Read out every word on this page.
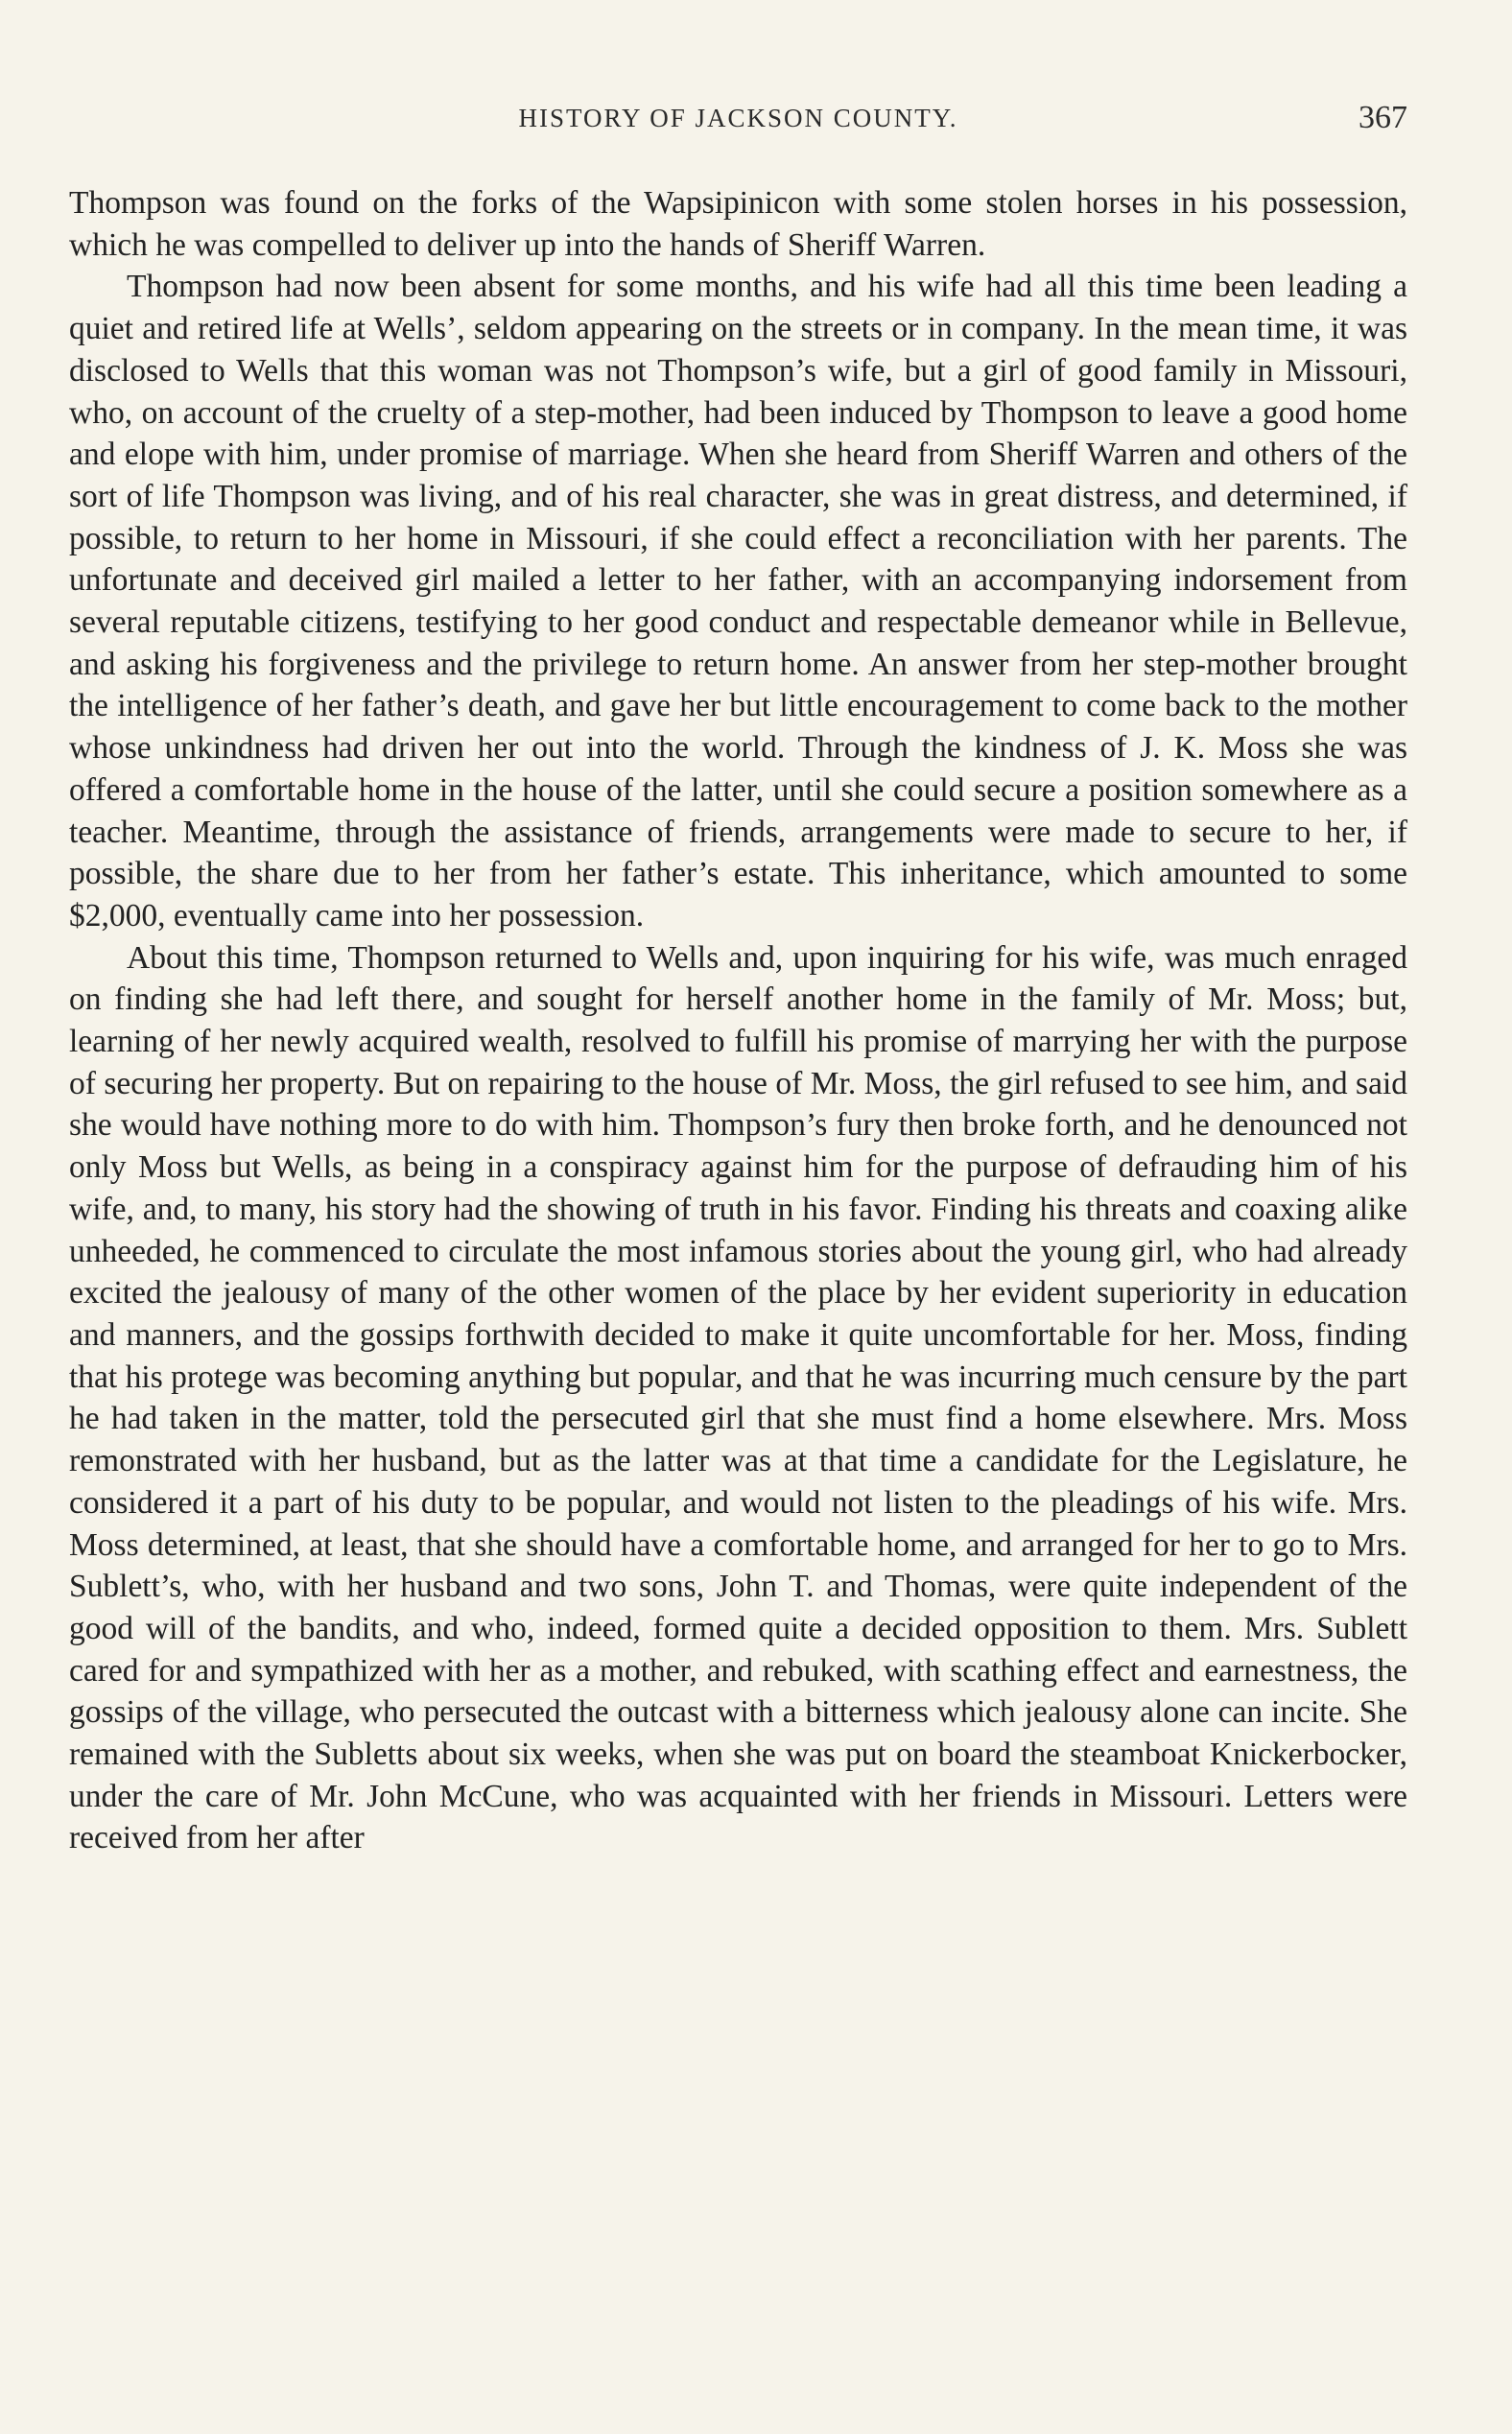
HISTORY OF JACKSON COUNTY.	367

Thompson was found on the forks of the Wapsipinicon with some stolen horses in his possession, which he was compelled to deliver up into the hands of Sheriff Warren.

Thompson had now been absent for some months, and his wife had all this time been leading a quiet and retired life at Wells’, seldom appearing on the streets or in company. In the mean time, it was disclosed to Wells that this woman was not Thompson’s wife, but a girl of good family in Missouri, who, on account of the cruelty of a step-mother, had been induced by Thompson to leave a good home and elope with him, under promise of marriage. When she heard from Sheriff Warren and others of the sort of life Thompson was living, and of his real character, she was in great distress, and determined, if possible, to return to her home in Missouri, if she could effect a reconciliation with her parents. The unfortunate and deceived girl mailed a letter to her father, with an accompanying indorsement from several reputable citizens, testifying to her good conduct and respectable demeanor while in Bellevue, and asking his forgiveness and the privilege to return home. An answer from her step-mother brought the intelligence of her father’s death, and gave her but little encouragement to come back to the mother whose unkindness had driven her out into the world. Through the kindness of J. K. Moss she was offered a comfortable home in the house of the latter, until she could secure a position somewhere as a teacher. Meantime, through the assistance of friends, arrangements were made to secure to her, if possible, the share due to her from her father’s estate. This inheritance, which amounted to some $2,000, eventually came into her possession.

About this time, Thompson returned to Wells and, upon inquiring for his wife, was much enraged on finding she had left there, and sought for herself another home in the family of Mr. Moss; but, learning of her newly acquired wealth, resolved to fulfill his promise of marrying her with the purpose of securing her property. But on repairing to the house of Mr. Moss, the girl refused to see him, and said she would have nothing more to do with him. Thompson’s fury then broke forth, and he denounced not only Moss but Wells, as being in a conspiracy against him for the purpose of defrauding him of his wife, and, to many, his story had the showing of truth in his favor. Finding his threats and coaxing alike unheeded, he commenced to circulate the most infamous stories about the young girl, who had already excited the jealousy of many of the other women of the place by her evident superiority in education and manners, and the gossips forthwith decided to make it quite uncomfortable for her. Moss, finding that his protege was becoming anything but popular, and that he was incurring much censure by the part he had taken in the matter, told the persecuted girl that she must find a home elsewhere. Mrs. Moss remonstrated with her husband, but as the latter was at that time a candidate for the Legislature, he considered it a part of his duty to be popular, and would not listen to the pleadings of his wife. Mrs. Moss determined, at least, that she should have a comfortable home, and arranged for her to go to Mrs. Sublett’s, who, with her husband and two sons, John T. and Thomas, were quite independent of the good will of the bandits, and who, indeed, formed quite a decided opposition to them. Mrs. Sublett cared for and sympathized with her as a mother, and rebuked, with scathing effect and earnestness, the gossips of the village, who persecuted the outcast with a bitterness which jealousy alone can incite. She remained with the Subletts about six weeks, when she was put on board the steamboat Knickerbocker, under the care of Mr. John McCune, who was acquainted with her friends in Missouri. Letters were received from her after
